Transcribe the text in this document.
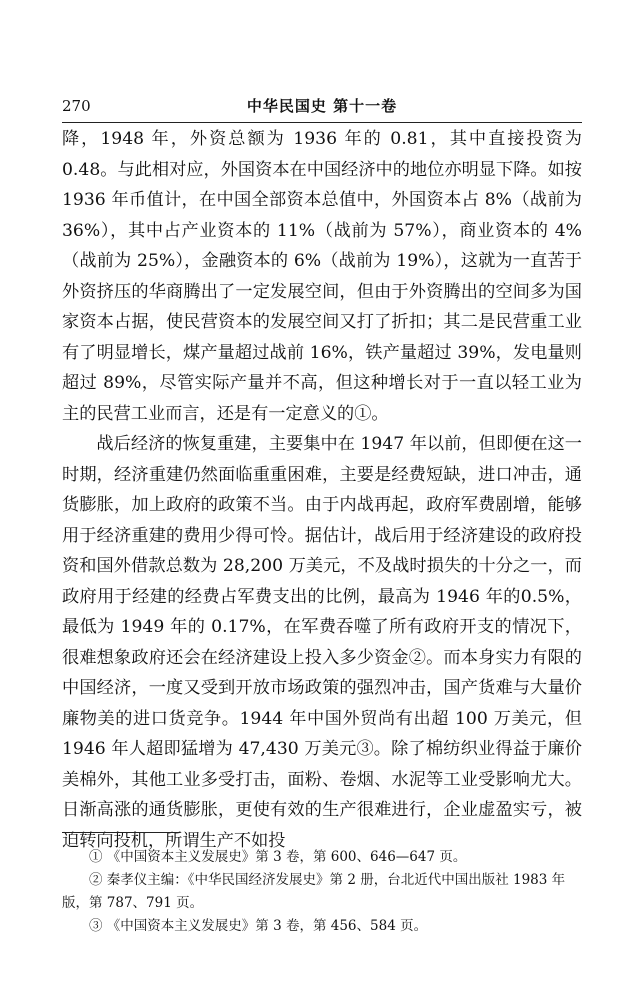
270	中华民国史 第十一卷

降，1948 年，外资总额为 1936 年的 0.81，其中直接投资为 0.48。与此相对应，外国资本在中国经济中的地位亦明显下降。如按 1936 年币值计，在中国全部资本总值中，外国资本占 8%（战前为 36%），其中占产业资本的 11%（战前为 57%），商业资本的 4%（战前为 25%），金融资本的 6%（战前为 19%），这就为一直苦于外资挤压的华商腾出了一定发展空间，但由于外资腾出的空间多为国家资本占据，使民营资本的发展空间又打了折扣；其二是民营重工业有了明显增长，煤产量超过战前 16%，铁产量超过 39%，发电量则超过 89%，尽管实际产量并不高，但这种增长对于一直以轻工业为主的民营工业而言，还是有一定意义的①。

战后经济的恢复重建，主要集中在 1947 年以前，但即便在这一时期，经济重建仍然面临重重困难，主要是经费短缺，进口冲击，通货膨胀，加上政府的政策不当。由于内战再起，政府军费剧增，能够用于经济重建的费用少得可怜。据估计，战后用于经济建设的政府投资和国外借款总数为 28,200 万美元，不及战时损失的十分之一，而政府用于经建的经费占军费支出的比例，最高为 1946 年的0.5%，最低为 1949 年的 0.17%，在军费吞噬了所有政府开支的情况下，很难想象政府还会在经济建设上投入多少资金②。而本身实力有限的中国经济，一度又受到开放市场政策的强烈冲击，国产货难与大量价廉物美的进口货竞争。1944 年中国外贸尚有出超 100 万美元，但 1946 年人超即猛增为 47,430 万美元③。除了棉纺织业得益于廉价美棉外，其他工业多受打击，面粉、卷烟、水泥等工业受影响尤大。日渐高涨的通货膨胀，更使有效的生产很难进行，企业虚盈实亏，被迫转向投机，所谓生产不如投

① 《中国资本主义发展史》第 3 卷，第 600、646—647 页。

② 秦孝仪主编：《中华民国经济发展史》第 2 册，台北近代中国出版社 1983 年版，第 787、791 页。

③ 《中国资本主义发展史》第 3 卷，第 456、584 页。
